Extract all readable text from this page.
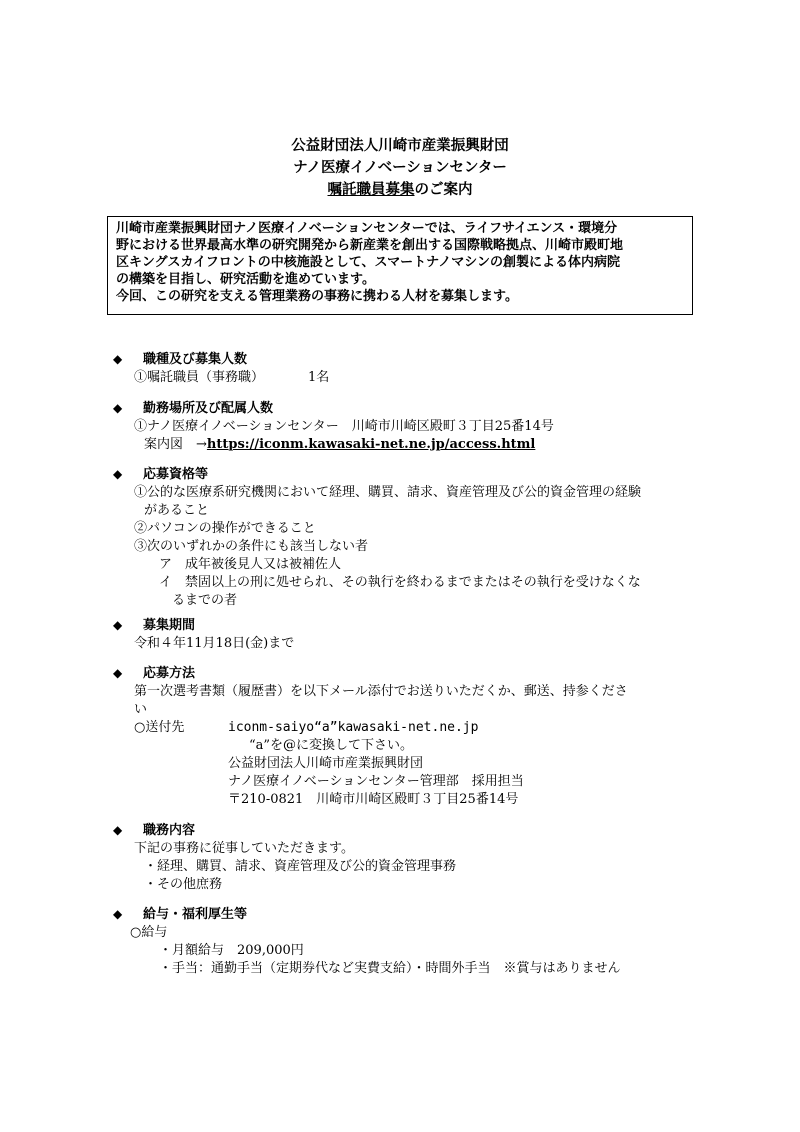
公益財団法人川崎市産業振興財団
ナノ医療イノベーションセンター
嘱託職員募集のご案内

川崎市産業振興財団ナノ医療イノベーションセンターでは、ライフサイエンス・環境分

野における世界最高水準の研究開発から新産業を創出する国際戦略拠点、川崎市殿町地

区キングスカイフロントの中核施設として、スマートナノマシンの創製による体内病院

の構築を目指し、研究活動を進めています。

今回、この研究を支える管理業務の事務に携わる人材を募集します。

◆ 職種及び募集人数
①嘱託職員（事務職）	1名
◆ 勤務場所及び配属人数
①ナノ医療イノベーションセンター　川崎市川崎区殿町３丁目25番14号
案内図　→https://iconm.kawasaki-net.ne.jp/access.html
◆ 応募資格等
①公的な医療系研究機関において経理、購買、請求、資産管理及び公的資金管理の経験
があること
②パソコンの操作ができること
③次のいずれかの条件にも該当しない者
ア　成年被後見人又は被補佐人
イ　禁固以上の刑に処せられ、その執行を終わるまでまたはその執行を受けなくな
るまでの者
◆ 募集期間
令和４年11月18日(金)まで
◆ 応募方法
第一次選考書類（履歴書）を以下メール添付でお送りいただくか、郵送、持参くださ
い
○送付先	iconm-saiyo“a”kawasaki-net.ne.jp
“a”を@に変換して下さい。
公益財団法人川崎市産業振興財団
ナノ医療イノベーションセンター管理部　採用担当
〒210-0821　川崎市川崎区殿町３丁目25番14号
◆ 職務内容
下記の事務に従事していただきます。
・経理、購買、請求、資産管理及び公的資金管理事務
・その他庶務
◆ 給与・福利厚生等
○給与
・月額給与　209,000円
・手当：通勤手当（定期券代など実費支給）・時間外手当　※賞与はありません
